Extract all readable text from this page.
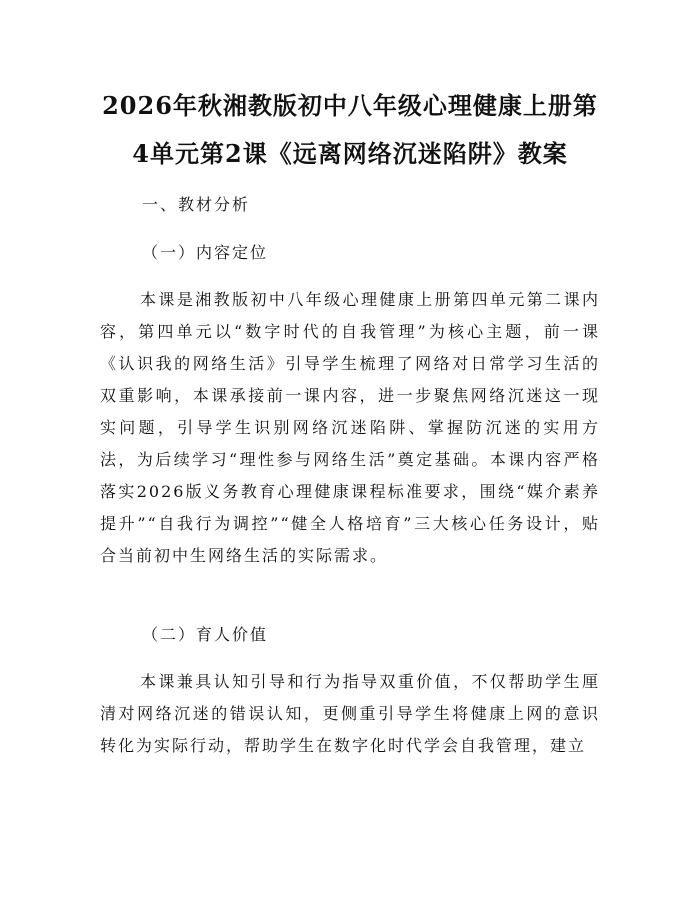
2026年秋湘教版初中八年级心理健康上册第
4单元第2课《远离网络沉迷陷阱》教案
一、教材分析
（一）内容定位
本课是湘教版初中八年级心理健康上册第四单元第二课内容，第四单元以“数字时代的自我管理”为核心主题，前一课《认识我的网络生活》引导学生梳理了网络对日常学习生活的双重影响，本课承接前一课内容，进一步聚焦网络沉迷这一现实问题，引导学生识别网络沉迷陷阱、掌握防沉迷的实用方法，为后续学习“理性参与网络生活”奠定基础。本课内容严格落实2026版义务教育心理健康课程标准要求，围绕“媒介素养提升”“自我行为调控”“健全人格培育”三大核心任务设计，贴合当前初中生网络生活的实际需求。
（二）育人价值
本课兼具认知引导和行为指导双重价值，不仅帮助学生厘清对网络沉迷的错误认知，更侧重引导学生将健康上网的意识转化为实际行动，帮助学生在数字化时代学会自我管理，建立
